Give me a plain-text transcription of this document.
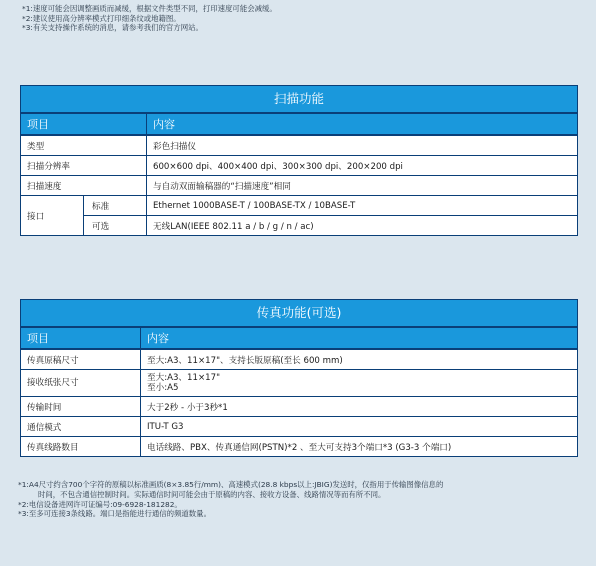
*1:速度可能会因调整画质而减缓，根据文件类型不同，打印速度可能会减缓。
*2:建议使用高分辨率模式打印细条纹或地籍图。
*3:有关支持操作系统的消息，请参考我们的官方网站。
扫描功能
项目		内容
类型		彩色扫描仪
扫描分辨率		600×600 dpi、400×400 dpi、300×300 dpi、200×200 dpi
扫描速度		与自动双面输稿器的“扫描速度”相同
接口	标准	Ethernet 1000BASE-T / 100BASE-TX / 10BASE-T
	可选	无线LAN(IEEE 802.11 a / b / g / n / ac)
传真功能(可选)
项目	内容
传真原稿尺寸	至大:A3、11×17"、支持长版原稿(至长 600 mm)
接收纸张尺寸	至大:A3、11×17"
至小:A5

传输时间	大于2秒 - 小于3秒*1
通信模式	ITU-T G3
传真线路数目	电话线路、PBX、传真通信网(PSTN)*2 、至大可支持3个端口*3 (G3-3 个端口)
*1:A4尺寸约含700个字符的原稿以标准画质(8×3.85行/mm)、高速模式(28.8 kbps以上:JBIG)发送时，仅指用于传输图像信息的
时间，不包含通信控制时间。实际通信时间可能会由于原稿的内容、接收方设备、线路情况等而有所不同。
*2:电信设备进网许可证编号:09-6928-181282。
*3:至多可连接3条线路。端口是指能进行通信的频道数量。
